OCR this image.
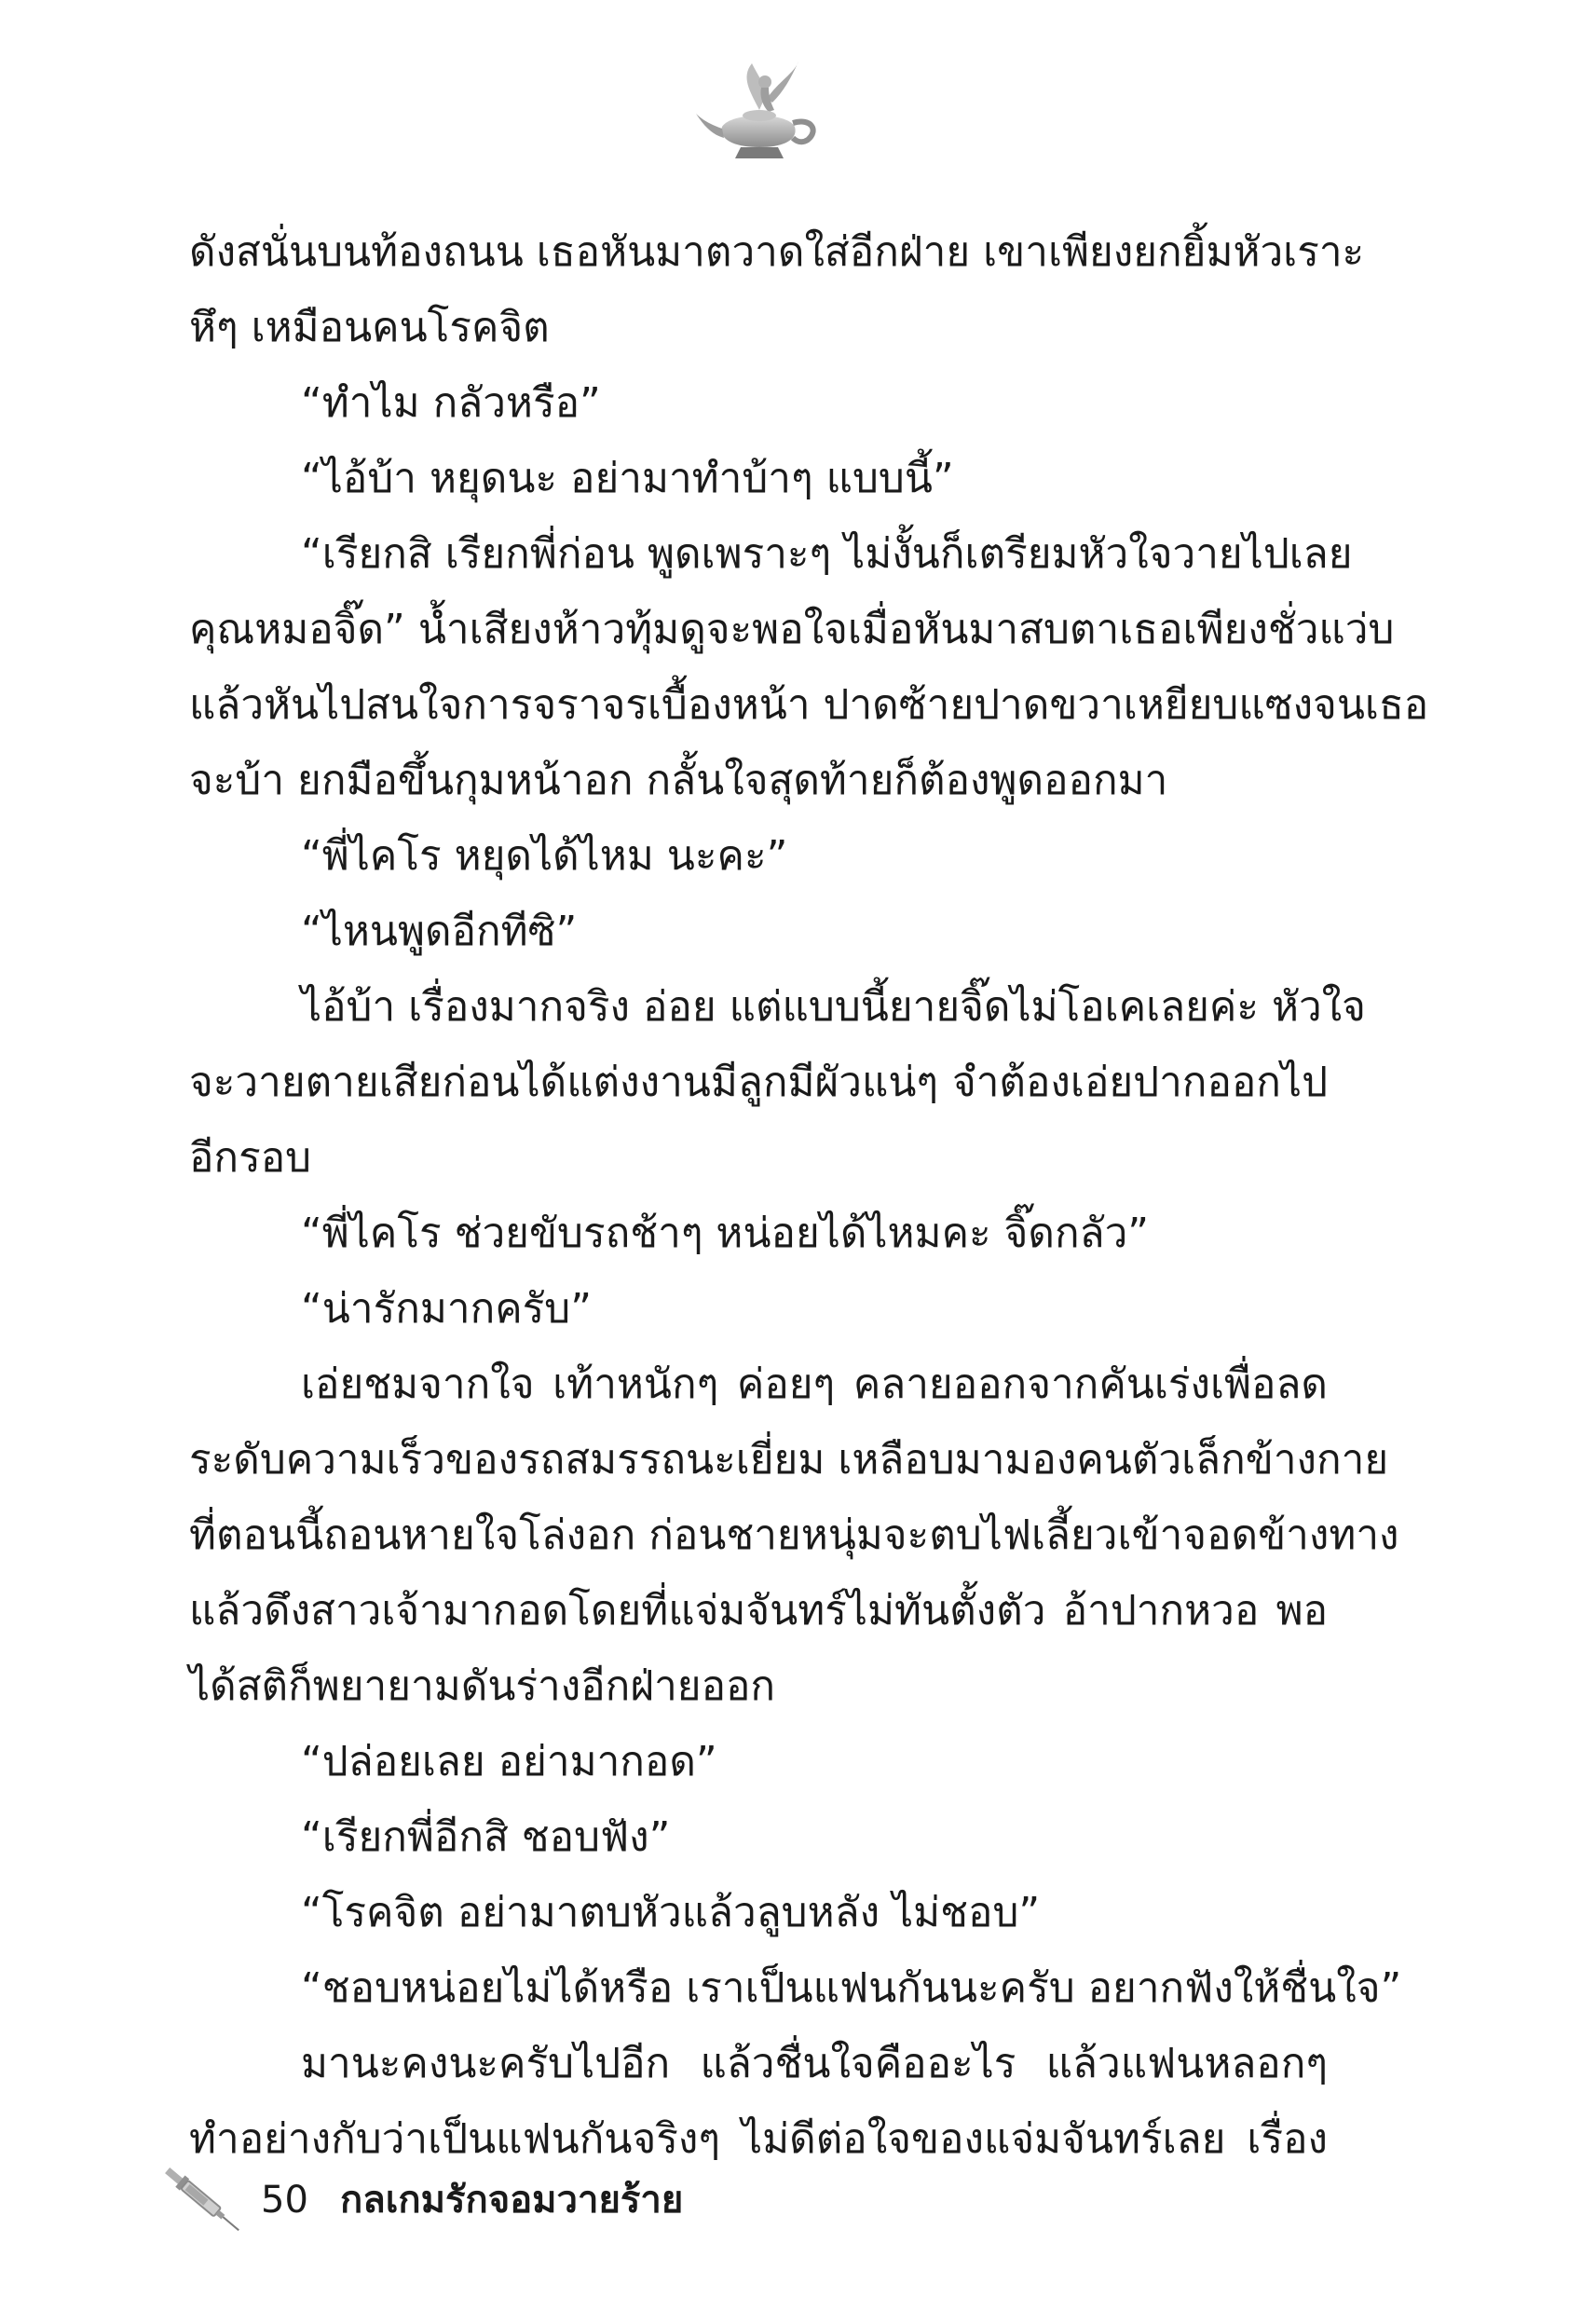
ดังสนั่นบนท้องถนน เธอหันมาตวาดใส่อีกฝ่าย เขาเพียงยกยิ้มหัวเราะ
หึๆ เหมือนคนโรคจิต
“ทำไม กลัวหรือ”
“ไอ้บ้า หยุดนะ อย่ามาทำบ้าๆ แบบนี้”
“เรียกสิ เรียกพี่ก่อน พูดเพราะๆ ไม่งั้นก็เตรียมหัวใจวายไปเลย
คุณหมอจิ๊ด” น้ำเสียงห้าวทุ้มดูจะพอใจเมื่อหันมาสบตาเธอเพียงชั่วแว่บ
แล้วหันไปสนใจการจราจรเบื้องหน้า ปาดซ้ายปาดขวาเหยียบแซงจนเธอ
จะบ้า ยกมือขึ้นกุมหน้าอก กลั้นใจสุดท้ายก็ต้องพูดออกมา
“พี่ไคโร หยุดได้ไหม นะคะ”
“ไหนพูดอีกทีซิ”
ไอ้บ้า เรื่องมากจริง อ่อย แต่แบบนี้ยายจิ๊ดไม่โอเคเลยค่ะ หัวใจ
จะวายตายเสียก่อนได้แต่งงานมีลูกมีผัวแน่ๆ จำต้องเอ่ยปากออกไป
อีกรอบ
“พี่ไคโร ช่วยขับรถช้าๆ หน่อยได้ไหมคะ จิ๊ดกลัว”
“น่ารักมากครับ”
เอ่ยชมจากใจ เท้าหนักๆ ค่อยๆ คลายออกจากคันเร่งเพื่อลด
ระดับความเร็วของรถสมรรถนะเยี่ยม เหลือบมามองคนตัวเล็กข้างกาย
ที่ตอนนี้ถอนหายใจโล่งอก ก่อนชายหนุ่มจะตบไฟเลี้ยวเข้าจอดข้างทาง
แล้วดึงสาวเจ้ามากอดโดยที่แจ่มจันทร์ไม่ทันตั้งตัว อ้าปากหวอ พอ
ได้สติก็พยายามดันร่างอีกฝ่ายออก
“ปล่อยเลย อย่ามากอด”
“เรียกพี่อีกสิ ชอบฟัง”
“โรคจิต อย่ามาตบหัวแล้วลูบหลัง ไม่ชอบ”
“ชอบหน่อยไม่ได้หรือ เราเป็นแฟนกันนะครับ อยากฟังให้ชื่นใจ”
มานะคงนะครับไปอีก แล้วชื่นใจคืออะไร แล้วแฟนหลอกๆ
ทำอย่างกับว่าเป็นแฟนกันจริงๆ ไม่ดีต่อใจของแจ่มจันทร์เลย เรื่อง
50 กลเกมรักจอมวายร้าย
